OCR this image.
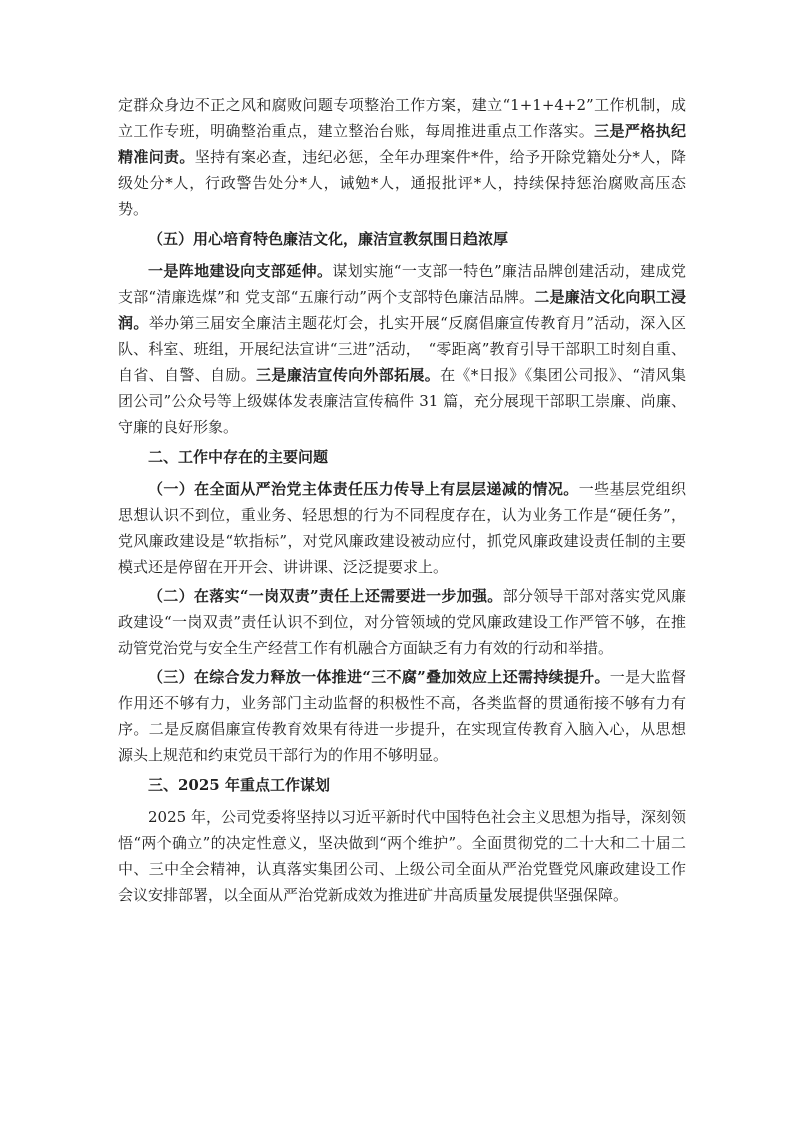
定群众身边不正之风和腐败问题专项整治工作方案，建立“1+1+4+2”工作机制，成立工作专班，明确整治重点，建立整治台账，每周推进重点工作落实。三是严格执纪精准问责。坚持有案必查，违纪必惩，全年办理案件*件，给予开除党籍处分*人，降级处分*人，行政警告处分*人，诫勉*人，通报批评*人，持续保持惩治腐败高压态势。

（五）用心培育特色廉洁文化，廉洁宣教氛围日趋浓厚

一是阵地建设向支部延伸。谋划实施“一支部一特色”廉洁品牌创建活动，建成党支部“清廉选煤”和 党支部“五廉行动”两个支部特色廉洁品牌。二是廉洁文化向职工浸润。举办第三届安全廉洁主题花灯会，扎实开展“反腐倡廉宣传教育月”活动，深入区队、科室、班组，开展纪法宣讲“三进”活动，　“零距离”教育引导干部职工时刻自重、自省、自警、自励。三是廉洁宣传向外部拓展。在《*日报》《集团公司报》、“清风集团公司”公众号等上级媒体发表廉洁宣传稿件 31 篇，充分展现干部职工崇廉、尚廉、守廉的良好形象。

二、工作中存在的主要问题

（一）在全面从严治党主体责任压力传导上有层层递减的情况。一些基层党组织思想认识不到位，重业务、轻思想的行为不同程度存在，认为业务工作是“硬任务”，党风廉政建设是“软指标”，对党风廉政建设被动应付，抓党风廉政建设责任制的主要模式还是停留在开开会、讲讲课、泛泛提要求上。

（二）在落实“一岗双责”责任上还需要进一步加强。部分领导干部对落实党风廉政建设“一岗双责”责任认识不到位，对分管领域的党风廉政建设工作严管不够，在推动管党治党与安全生产经营工作有机融合方面缺乏有力有效的行动和举措。

（三）在综合发力释放一体推进“三不腐”叠加效应上还需持续提升。一是大监督作用还不够有力，业务部门主动监督的积极性不高，各类监督的贯通衔接不够有力有序。二是反腐倡廉宣传教育效果有待进一步提升，在实现宣传教育入脑入心，从思想源头上规范和约束党员干部行为的作用不够明显。

三、2025 年重点工作谋划

2025 年，公司党委将坚持以习近平新时代中国特色社会主义思想为指导，深刻领悟“两个确立”的决定性意义，坚决做到“两个维护”。全面贯彻党的二十大和二十届二中、三中全会精神，认真落实集团公司、上级公司全面从严治党暨党风廉政建设工作会议安排部署，以全面从严治党新成效为推进矿井高质量发展提供坚强保障。
